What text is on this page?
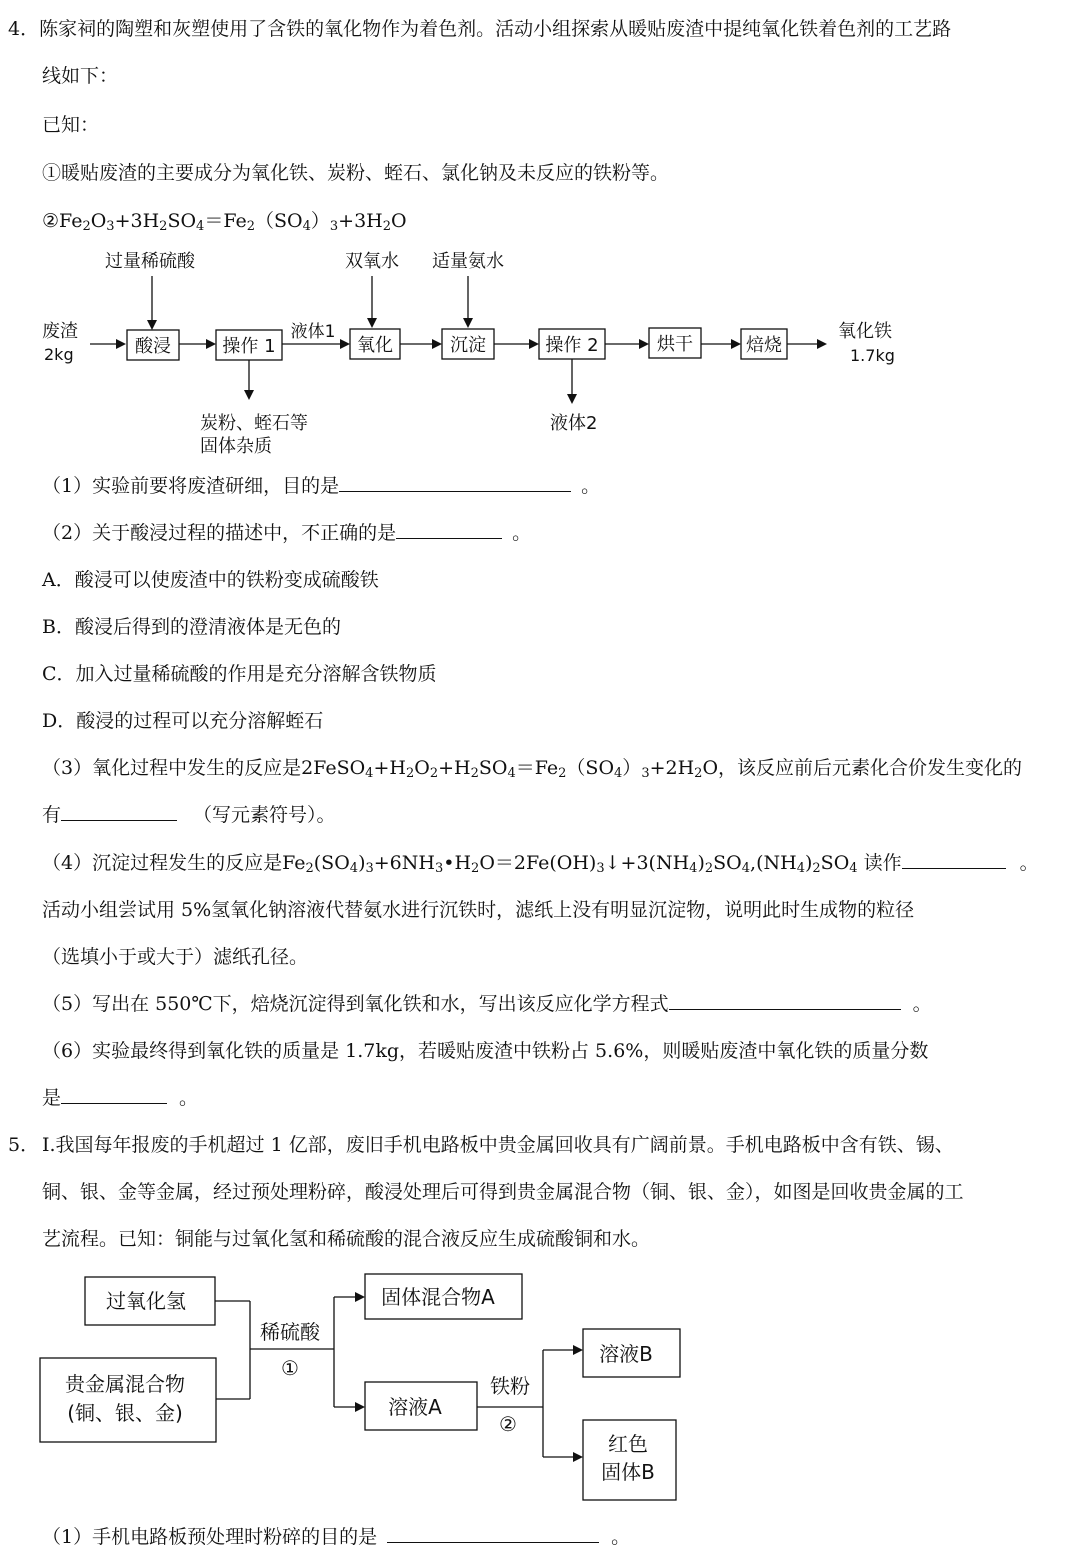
4．陈家祠的陶塑和灰塑使用了含铁的氧化物作为着色剂。活动小组探索从暖贴废渣中提纯氧化铁着色剂的工艺路
线如下：
已知：
①暖贴废渣的主要成分为氧化铁、炭粉、蛭石、氯化钠及未反应的铁粉等。
$②Fe_2O_3+3H_2SO_4=Fe_2(SO_4)_3+3H_2O$
过量稀硫酸	双氧水 适量氨水
废渣
2kg	酸浸	操作 1
液体1
炭粉、蛭石等
固体杂质
氧化	沉淀	操作 2
液体2
烘干	焙烧
氧化铁
1.7kg
（1）实验前要将废渣研细，目的是	。
（2）关于酸浸过程的描述中，不正确的是	。
A．酸浸可以使废渣中的铁粉变成硫酸铁
B．酸浸后得到的澄清液体是无色的
C．加入过量稀硫酸的作用是充分溶解含铁物质
D．酸浸的过程可以充分溶解蛭石
（3）氧化过程中发生的反应是$2FeSO_4+H_2O_2+H_2SO_4=Fe_2(SO_4)_3+2H_2O$，该反应前后元素化合价发生变化的
有	（写元素符号）。
（4）沉淀过程发生的反应是$Fe_2(SO_4)_3+6NH_3•H_2O=2Fe(OH)_3↓+3(NH_4)_2SO_4,(NH_4)_2SO_4$ 读作	。
活动小组尝试用 5%氢氧化钠溶液代替氨水进行沉铁时，滤纸上没有明显沉淀物，说明此时生成物的粒径
（选填小于或大于）滤纸孔径。
（5）写出在 550℃下，焙烧沉淀得到氧化铁和水，写出该反应化学方程式	。
（6）实验最终得到氧化铁的质量是 1.7kg，若暖贴废渣中铁粉占 5.6%，则暖贴废渣中氧化铁的质量分数
是	。
5． Ⅰ.我国每年报废的手机超过 1 亿部，废旧手机电路板中贵金属回收具有广阔前景。手机电路板中含有铁、锡、
铜、银、金等金属，经过预处理粉碎，酸浸处理后可得到贵金属混合物（铜、银、金），如图是回收贵金属的工
艺流程。已知：铜能与过氧化氢和稀硫酸的混合液反应生成硫酸铜和水。
过氧化氢
贵金属混合物
(铜、银、金)
稀硫酸
①
固体混合物A
溶液A
铁粉
②
溶液B
红色
固体B
（1）手机电路板预处理时粉碎的目的是	。
